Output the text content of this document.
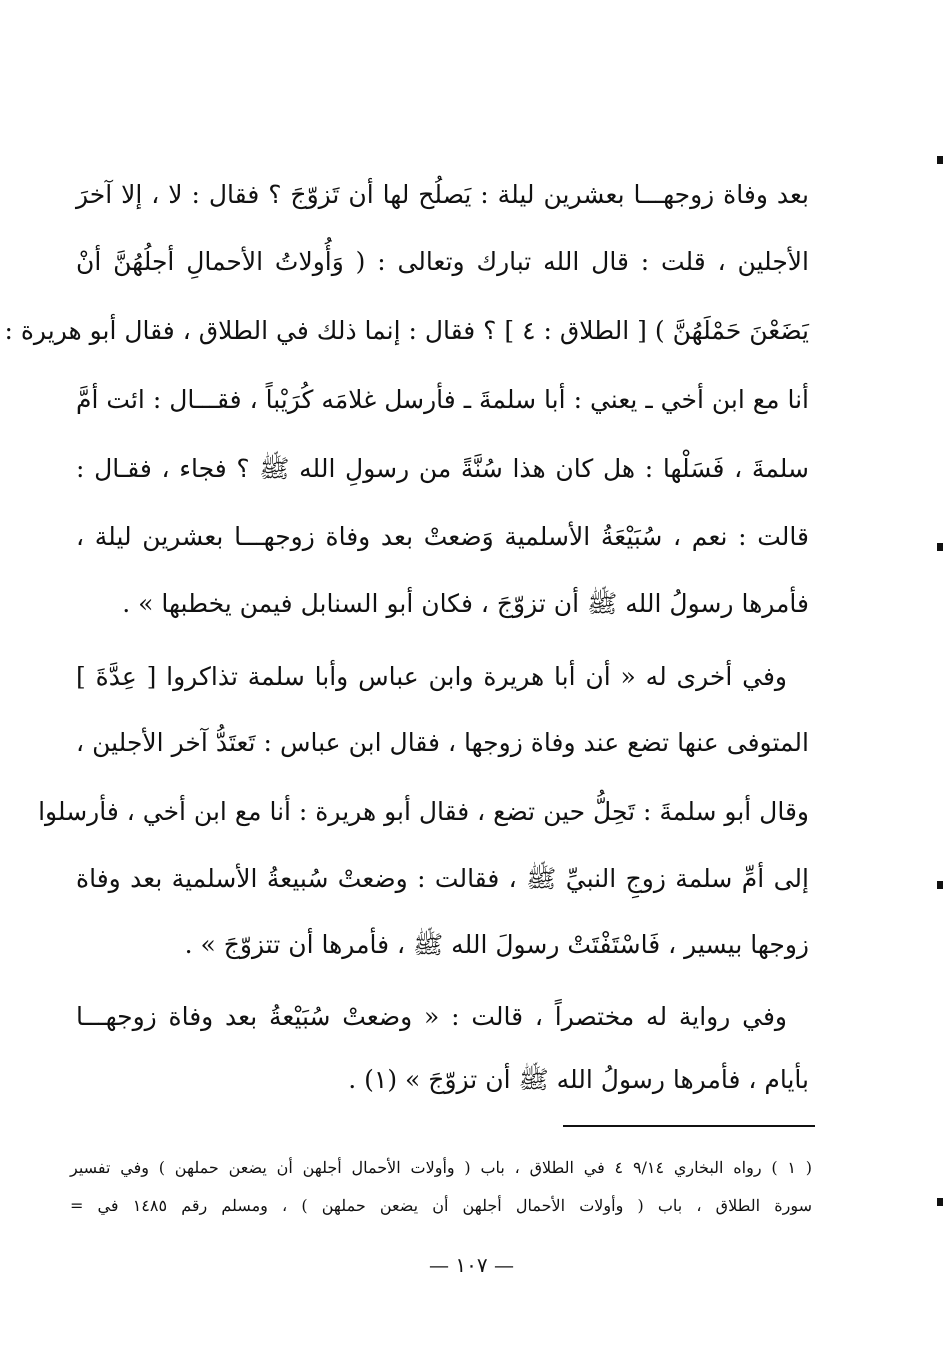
بعد وفاة زوجهـــا بعشرين ليلة : يَصلُح لها أن تَزوّجَ ؟ فقال : لا ، إلا آخرَ
الأجلين ، قلت : قال الله تبارك وتعالى : ( وَأُولاتُ الأحمالِ أجلُهُنَّ أنْ
يَضَعْنَ حَمْلَهُنَّ ) [ الطلاق : ٤ ] ؟ فقال : إنما ذلك في الطلاق ، فقال أبو هريرة :
أنا مع ابن أخي ـ يعني : أبا سلمةَ ـ فأرسل غلامَه كُرَيْباً ، فقـــال : ائت أمَّ
سلمةَ ، فَسَلْها : هل كان هذا سُنَّةً من رسولِ الله ﷺ ؟ فجاء ، فقـال :
قالت : نعم ، سُبَيْعَةُ الأسلمية وَضعتْ بعد وفاة زوجهـــا بعشرين ليلة ،
فأمرها رسولُ الله ﷺ أن تزوّجَ ، فكان أبو السنابل فيمن يخطبها » .
وفي أخرى له « أن أبا هريرة وابن عباس وأبا سلمة تذاكروا [ عِدَّةَ ]
المتوفى عنها تضع عند وفاة زوجها ، فقال ابن عباس : تَعتَدُّ آخر الأجلين ،
وقال أبو سلمةَ : تَحِلُّ حين تضع ، فقال أبو هريرة : أنا مع ابن أخي ، فأرسلوا
إلى أمِّ سلمة زوجِ النبيِّ ﷺ ، فقالت : وضعتْ سُبيعةُ الأسلمية بعد وفاة
زوجها بيسير ، فَاسْتَفْتَتْ رسولَ الله ﷺ ، فأمرها أن تتزوّجَ » .
وفي رواية له مختصراً ، قالت : « وضعتْ سُبَيْعةُ بعد وفاة زوجهـــا
بأيام ، فأمرها رسولُ الله ﷺ أن تزوّجَ » (١) .
( ١ ) رواه البخاري ٩/١٤ ٤ في الطلاق ، باب ( وأولات الأحمال أجلهن أن يضعن حملهن ) وفي تفسير
سورة الطلاق ، باب ( وأولات الأحمال أجلهن أن يضعن حملهن ) ، ومسلم رقم ١٤٨٥ في =
— ١٠٧ —
